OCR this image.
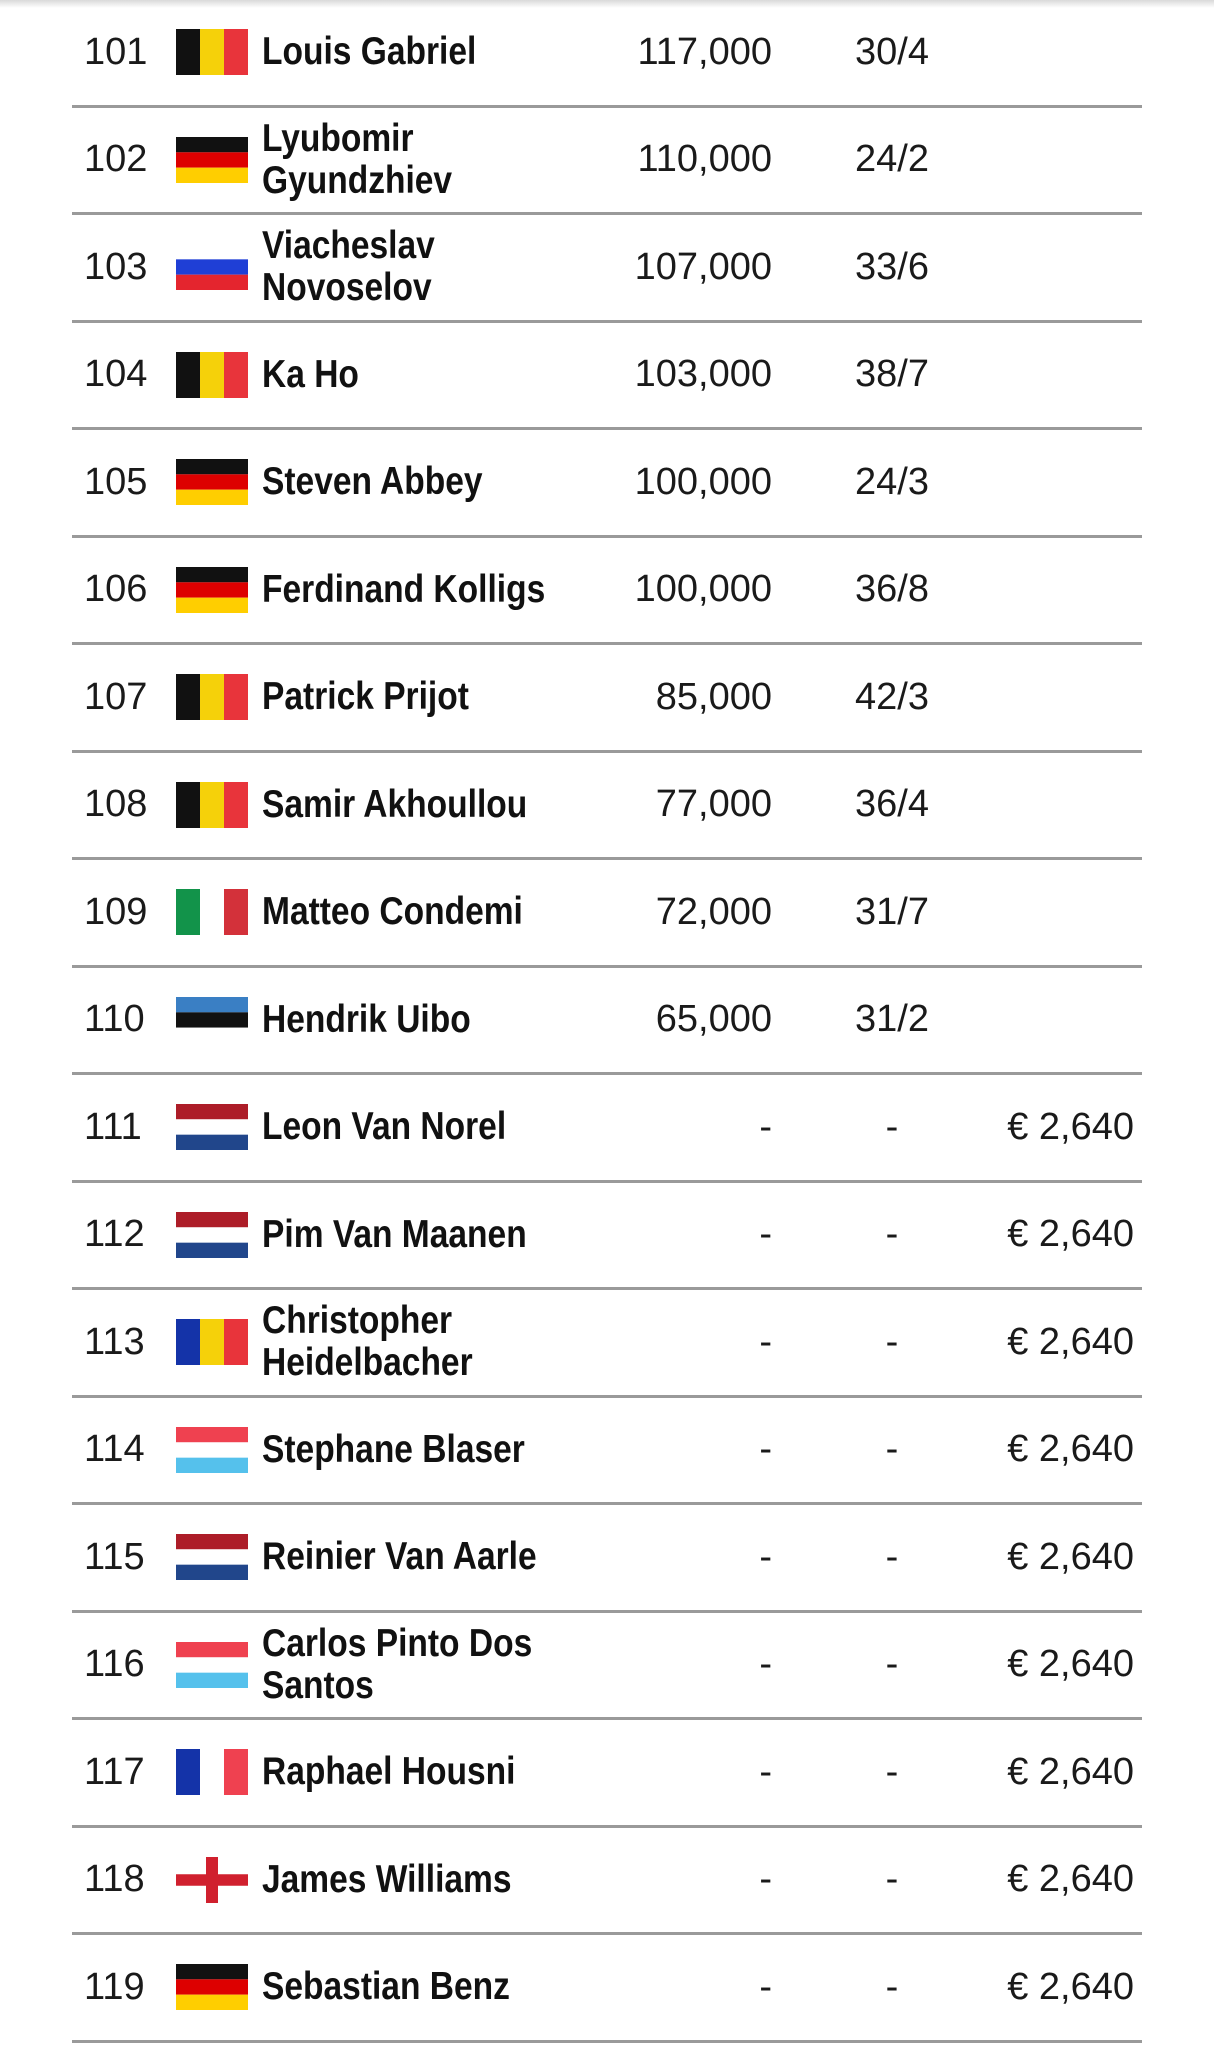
101	Louis Gabriel	117,000	30/4
102	Lyubomir Gyundzhiev	110,000	24/2
103	Viacheslav Novoselov	107,000	33/6
104	Ka Ho	103,000	38/7
105	Steven Abbey	100,000	24/3
106	Ferdinand Kolligs	100,000	36/8
107	Patrick Prijot	85,000	42/3
108	Samir Akhoullou	77,000	36/4
109	Matteo Condemi	72,000	31/7
110	Hendrik Uibo	65,000	31/2
111	Leon Van Norel	-	-	€ 2,640
112	Pim Van Maanen	-	-	€ 2,640
113	Christopher Heidelbacher	-	-	€ 2,640
114	Stephane Blaser	-	-	€ 2,640
115	Reinier Van Aarle	-	-	€ 2,640
116	Carlos Pinto Dos Santos	-	-	€ 2,640
117	Raphael Housni	-	-	€ 2,640
118	James Williams	-	-	€ 2,640
119	Sebastian Benz	-	-	€ 2,640
